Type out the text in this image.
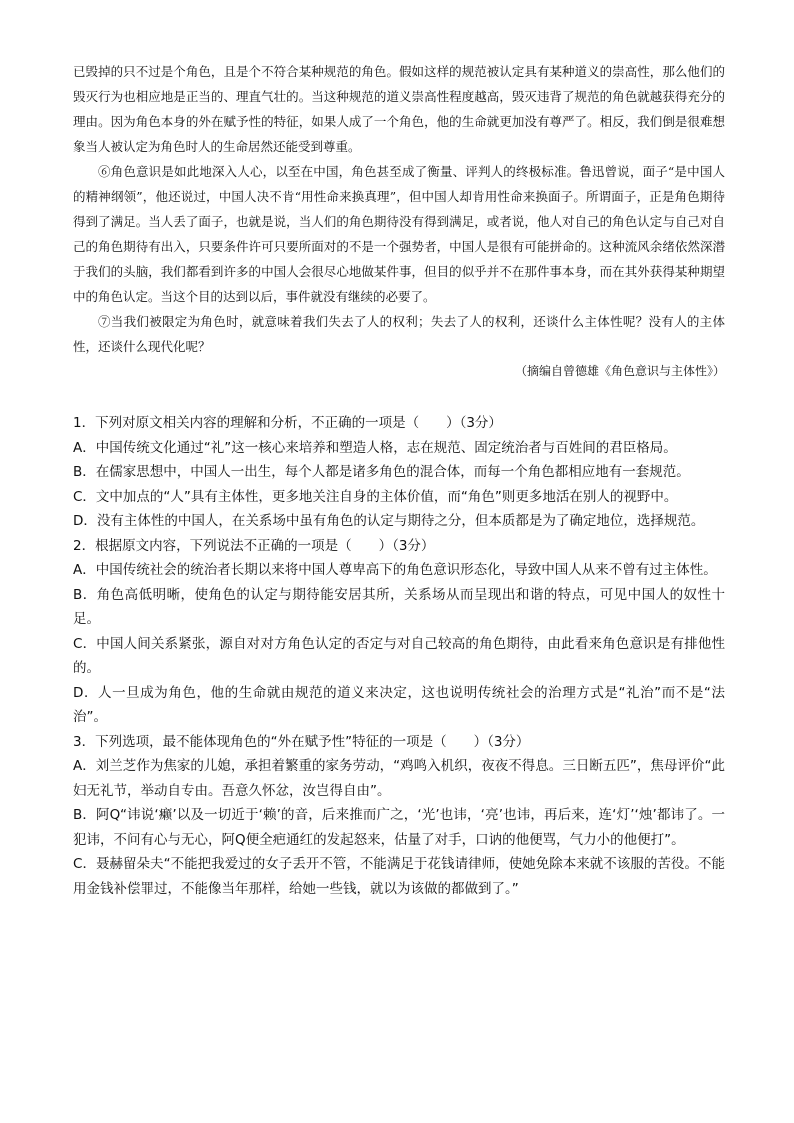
已毁掉的只不过是个角色，且是个不符合某种规范的角色。假如这样的规范被认定具有某种道义的崇高性，那么他们的毁灭行为也相应地是正当的、理直气壮的。当这种规范的道义崇高性程度越高，毁灭违背了规范的角色就越获得充分的理由。因为角色本身的外在赋予性的特征，如果人成了一个角色，他的生命就更加没有尊严了。相反，我们倒是很难想象当人被认定为角色时人的生命居然还能受到尊重。

⑥角色意识是如此地深入人心，以至在中国，角色甚至成了衡量、评判人的终极标准。鲁迅曾说，面子“是中国人的精神纲领”，他还说过，中国人决不肯“用性命来换真理”，但中国人却肯用性命来换面子。所谓面子，正是角色期待得到了满足。当人丢了面子，也就是说，当人们的角色期待没有得到满足，或者说，他人对自己的角色认定与自己对自己的角色期待有出入，只要条件许可只要所面对的不是一个强势者，中国人是很有可能拼命的。这种流风余绪依然深潜于我们的头脑，我们都看到许多的中国人会很尽心地做某件事，但目的似乎并不在那件事本身，而在其外获得某种期望中的角色认定。当这个目的达到以后，事件就没有继续的必要了。

⑦当我们被限定为角色时，就意味着我们失去了人的权利；失去了人的权利，还谈什么主体性呢？没有人的主体性，还谈什么现代化呢？

（摘编自曾德雄《角色意识与主体性》）

1．下列对原文相关内容的理解和分析，不正确的一项是（　　）（3分）

A．中国传统文化通过“礼”这一核心来培养和塑造人格，志在规范、固定统治者与百姓间的君臣格局。

B．在儒家思想中，中国人一出生，每个人都是诸多角色的混合体，而每一个角色都相应地有一套规范。

C．文中加点的“人”具有主体性，更多地关注自身的主体价值，而“角色”则更多地活在别人的视野中。

D．没有主体性的中国人，在关系场中虽有角色的认定与期待之分，但本质都是为了确定地位，选择规范。

2．根据原文内容，下列说法不正确的一项是（　　）（3分）

A．中国传统社会的统治者长期以来将中国人尊卑高下的角色意识形态化，导致中国人从来不曾有过主体性。

B．角色高低明晰，使角色的认定与期待能安居其所，关系场从而呈现出和谐的特点，可见中国人的奴性十足。

C．中国人间关系紧张，源自对对方角色认定的否定与对自己较高的角色期待，由此看来角色意识是有排他性的。

D．人一旦成为角色，他的生命就由规范的道义来决定，这也说明传统社会的治理方式是“礼治”而不是“法治”。

3．下列选项，最不能体现角色的“外在赋予性”特征的一项是（　　）（3分）

A．刘兰芝作为焦家的儿媳，承担着繁重的家务劳动，“鸡鸣入机织，夜夜不得息。三日断五匹”，焦母评价“此妇无礼节，举动自专由。吾意久怀忿，汝岂得自由”。

B．阿Q“讳说‘癞’以及一切近于‘赖’的音，后来推而广之，‘光’也讳，‘亮’也讳，再后来，连‘灯’‘烛’都讳了。一犯讳，不问有心与无心，阿Q便全疤通红的发起怒来，估量了对手，口讷的他便骂，气力小的他便打”。

C．聂赫留朵夫“不能把我爱过的女子丢开不管，不能满足于花钱请律师，使她免除本来就不该服的苦役。不能用金钱补偿罪过，不能像当年那样，给她一些钱，就以为该做的都做到了。”
